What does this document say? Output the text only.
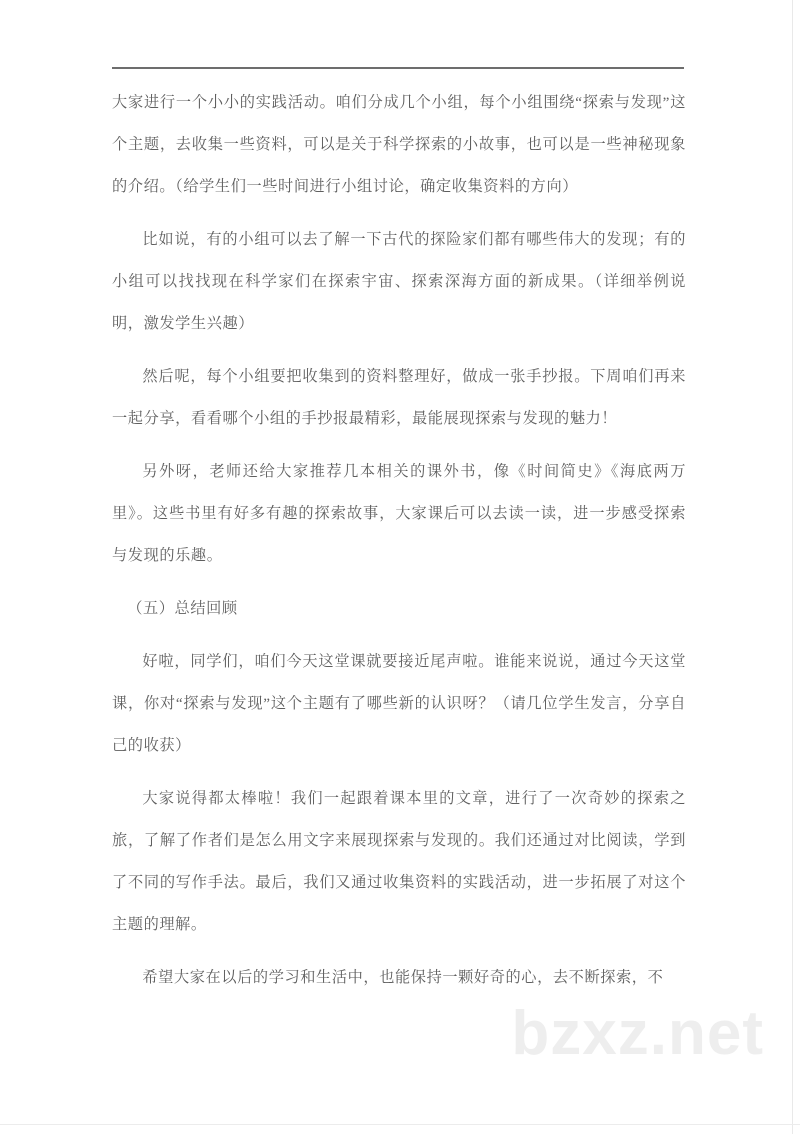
大家进行一个小小的实践活动。咱们分成几个小组，每个小组围绕“探索与发现”这个主题，去收集一些资料，可以是关于科学探索的小故事，也可以是一些神秘现象的介绍。（给学生们一些时间进行小组讨论，确定收集资料的方向）

比如说，有的小组可以去了解一下古代的探险家们都有哪些伟大的发现；有的小组可以找找现在科学家们在探索宇宙、探索深海方面的新成果。（详细举例说明，激发学生兴趣）

然后呢，每个小组要把收集到的资料整理好，做成一张手抄报。下周咱们再来一起分享，看看哪个小组的手抄报最精彩，最能展现探索与发现的魅力！

另外呀，老师还给大家推荐几本相关的课外书，像《时间简史》《海底两万里》。这些书里有好多有趣的探索故事，大家课后可以去读一读，进一步感受探索与发现的乐趣。

（五）总结回顾

好啦，同学们，咱们今天这堂课就要接近尾声啦。谁能来说说，通过今天这堂课，你对“探索与发现”这个主题有了哪些新的认识呀？（请几位学生发言，分享自己的收获）

大家说得都太棒啦！我们一起跟着课本里的文章，进行了一次奇妙的探索之旅，了解了作者们是怎么用文字来展现探索与发现的。我们还通过对比阅读，学到了不同的写作手法。最后，我们又通过收集资料的实践活动，进一步拓展了对这个主题的理解。

希望大家在以后的学习和生活中，也能保持一颗好奇的心，去不断探索，不

bzxz.net
